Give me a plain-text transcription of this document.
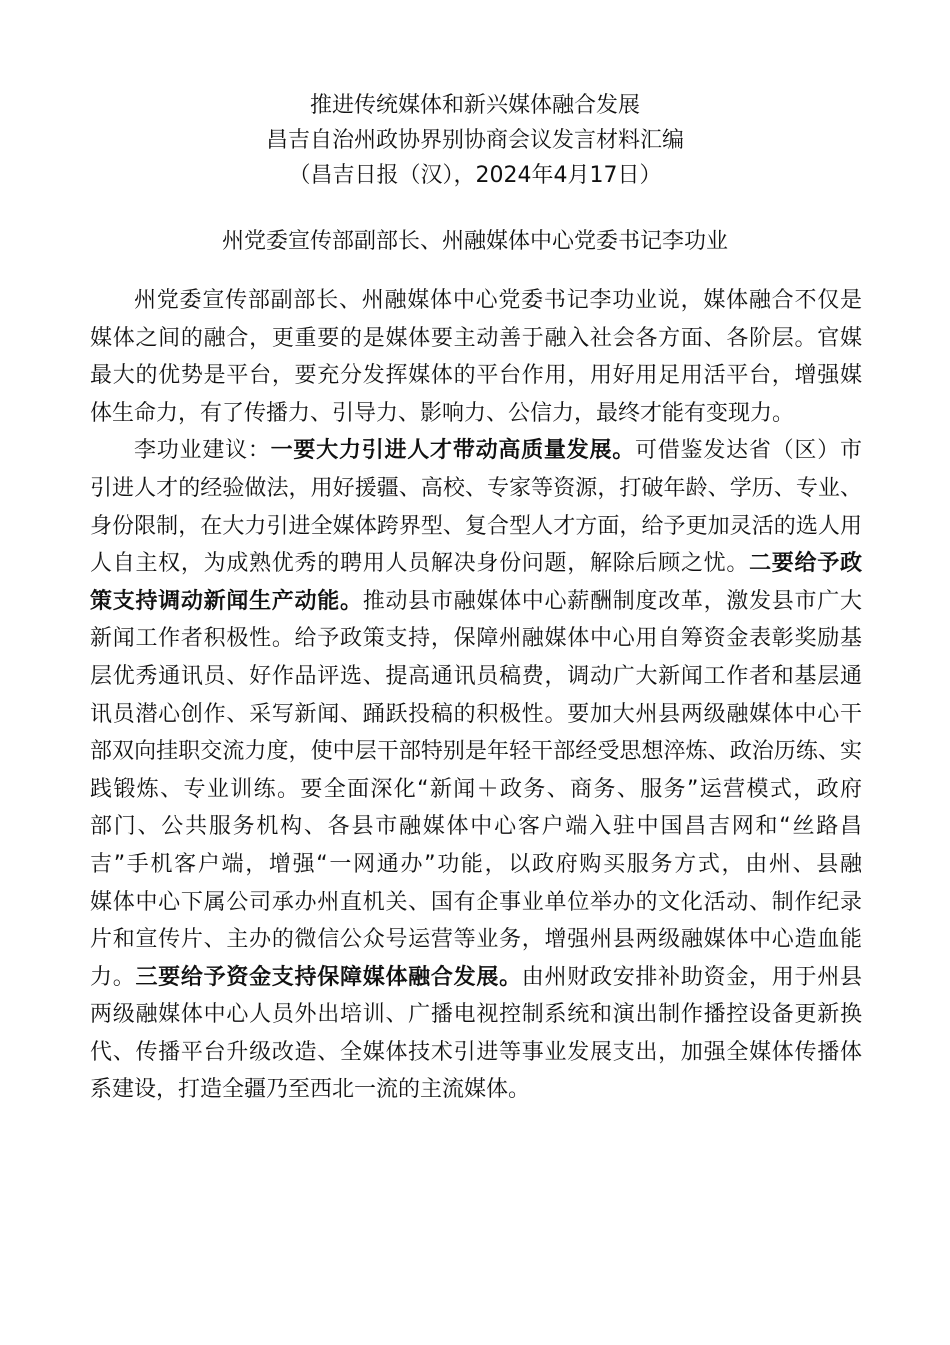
推进传统媒体和新兴媒体融合发展

昌吉自治州政协界别协商会议发言材料汇编

（昌吉日报（汉），2024年4月17日）

州党委宣传部副部长、州融媒体中心党委书记李功业

州党委宣传部副部长、州融媒体中心党委书记李功业说，媒体融合不仅是

媒体之间的融合，更重要的是媒体要主动善于融入社会各方面、各阶层。官媒

最大的优势是平台，要充分发挥媒体的平台作用，用好用足用活平台，增强媒

体生命力，有了传播力、引导力、影响力、公信力，最终才能有变现力。

李功业建议：一要大力引进人才带动高质量发展。可借鉴发达省（区）市

引进人才的经验做法，用好援疆、高校、专家等资源，打破年龄、学历、专业、

身份限制，在大力引进全媒体跨界型、复合型人才方面，给予更加灵活的选人用

人自主权，为成熟优秀的聘用人员解决身份问题，解除后顾之忧。二要给予政

策支持调动新闻生产动能。推动县市融媒体中心薪酬制度改革，激发县市广大

新闻工作者积极性。给予政策支持，保障州融媒体中心用自筹资金表彰奖励基

层优秀通讯员、好作品评选、提高通讯员稿费，调动广大新闻工作者和基层通

讯员潜心创作、采写新闻、踊跃投稿的积极性。要加大州县两级融媒体中心干

部双向挂职交流力度，使中层干部特别是年轻干部经受思想淬炼、政治历练、实

践锻炼、专业训练。要全面深化“新闻＋政务、商务、服务”运营模式，政府

部门、公共服务机构、各县市融媒体中心客户端入驻中国昌吉网和“丝路昌

吉”手机客户端，增强“一网通办”功能，以政府购买服务方式，由州、县融

媒体中心下属公司承办州直机关、国有企事业单位举办的文化活动、制作纪录

片和宣传片、主办的微信公众号运营等业务，增强州县两级融媒体中心造血能

力。三要给予资金支持保障媒体融合发展。由州财政安排补助资金，用于州县

两级融媒体中心人员外出培训、广播电视控制系统和演出制作播控设备更新换

代、传播平台升级改造、全媒体技术引进等事业发展支出，加强全媒体传播体

系建设，打造全疆乃至西北一流的主流媒体。
